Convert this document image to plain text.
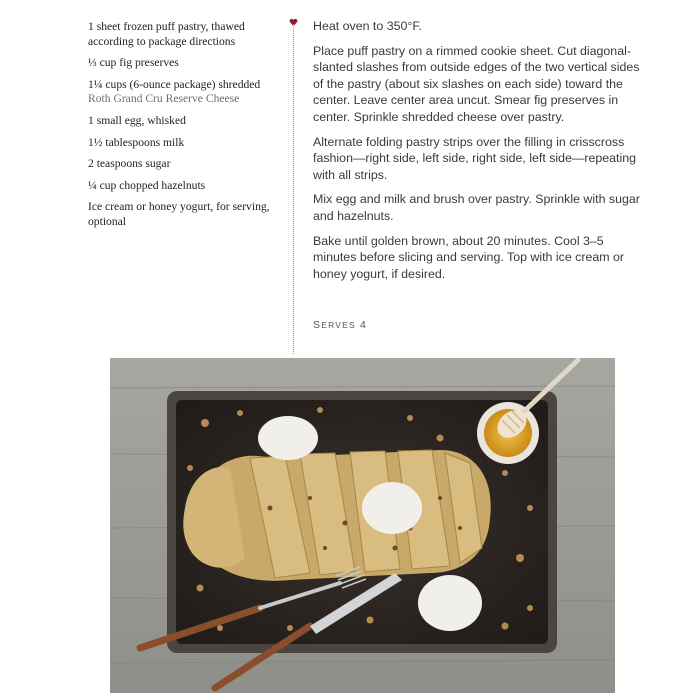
1 sheet frozen puff pastry, thawed according to package directions
⅓ cup fig preserves
1¼ cups (6-ounce package) shredded Roth Grand Cru Reserve Cheese
1 small egg, whisked
1½ tablespoons milk
2 teaspoons sugar
¼ cup chopped hazelnuts
Ice cream or honey yogurt, for serving, optional

Heat oven to 350°F.

Place puff pastry on a rimmed cookie sheet. Cut diagonal-slanted slashes from outside edges of the two vertical sides of the pastry (about six slashes on each side) toward the center. Leave center area uncut. Smear fig preserves in center. Sprinkle shredded cheese over pastry.

Alternate folding pastry strips over the filling in crisscross fashion—right side, left side, right side, left side—repeating with all strips.

Mix egg and milk and brush over pastry. Sprinkle with sugar and hazelnuts.

Bake until golden brown, about 20 minutes. Cool 3–5 minutes before slicing and serving. Top with ice cream or honey yogurt, if desired.

SERVES 4
